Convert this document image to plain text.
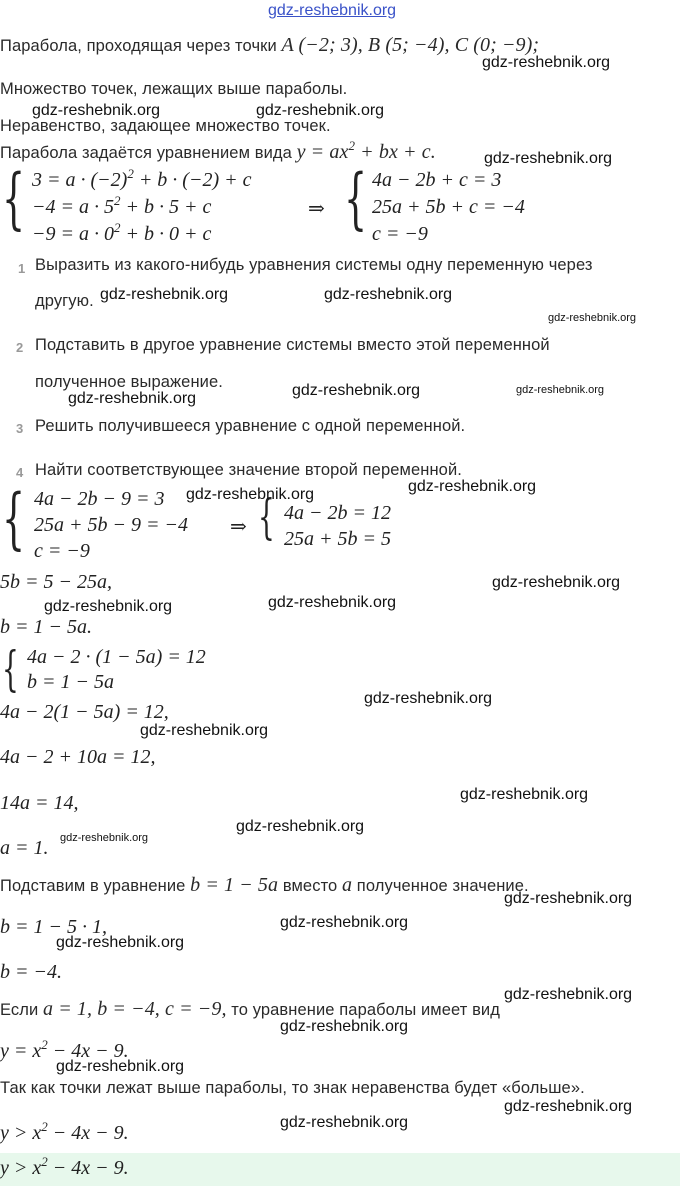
gdz-reshebnik.org
Парабола, проходящая через точки A (−2; 3), B (5; −4), C (0; −9);
Множество точек, лежащих выше параболы.
Неравенство, задающее множество точек.
Парабола задаётся уравнением вида $y = ax^2$ + bx + c.
{ $3 = a \cdot (-2)^2 + b \cdot (-2) + c$
$-4 = a \cdot 5^2 + b \cdot 5 + c$
$-9 = a \cdot 0^2 + b \cdot 0 + c$
⇒ { 4a − 2b + c = 3
25a + 5b + c = −4
c = −9
1 Выразить из какого-нибудь уравнения системы одну переменную через
другую.
2 Подставить в другое уравнение системы вместо этой переменной
полученное выражение.
3 Решить получившееся уравнение с одной переменной.
4 Найти соответствующее значение второй переменной.
{ 4a − 2b − 9 = 3
25a + 5b − 9 = −4
c = −9
⇒ { 4a − 2b = 12
25a + 5b = 5
5b = 5 − 25a,
b = 1 − 5a.
{ 4a − 2 · (1 − 5a) = 12
b = 1 − 5a
4a − 2(1 − 5a) = 12,
4a − 2 + 10a = 12,
14a = 14,
a = 1.
Подставим в уравнение b = 1 − 5a вместо a полученное значение.
b = 1 − 5 · 1,
b = −4.
Если a = 1, b = −4, c = −9, то уравнение параболы имеет вид
$y = x^2 - 4x - 9$.
Так как точки лежат выше параболы, то знак неравенства будет «больше».
$y > x^2 - 4x - 9$.
$y > x^2 - 4x - 9$.
gdz-reshebnik.org
gdz-reshebnik.org	gdz-reshebnik.org
gdz-reshebnik.org
gdz-reshebnik.org	gdz-reshebnik.org
gdz-reshebnik.org
gdz-reshebnik.org	gdz-reshebnik.org
gdz-reshebnik.org
gdz-reshebnik.org
gdz-reshebnik.org
gdz-reshebnik.org
gdz-reshebnik.org
gdz-reshebnik.org
gdz-reshebnik.org
gdz-reshebnik.org
gdz-reshebnik.org
gdz-reshebnik.org
gdz-reshebnik.org
gdz-reshebnik.org
gdz-reshebnik.org
gdz-reshebnik.org
gdz-reshebnik.org
gdz-reshebnik.org
gdz-reshebnik.org
gdz-reshebnik.org
gdz-reshebnik.org
